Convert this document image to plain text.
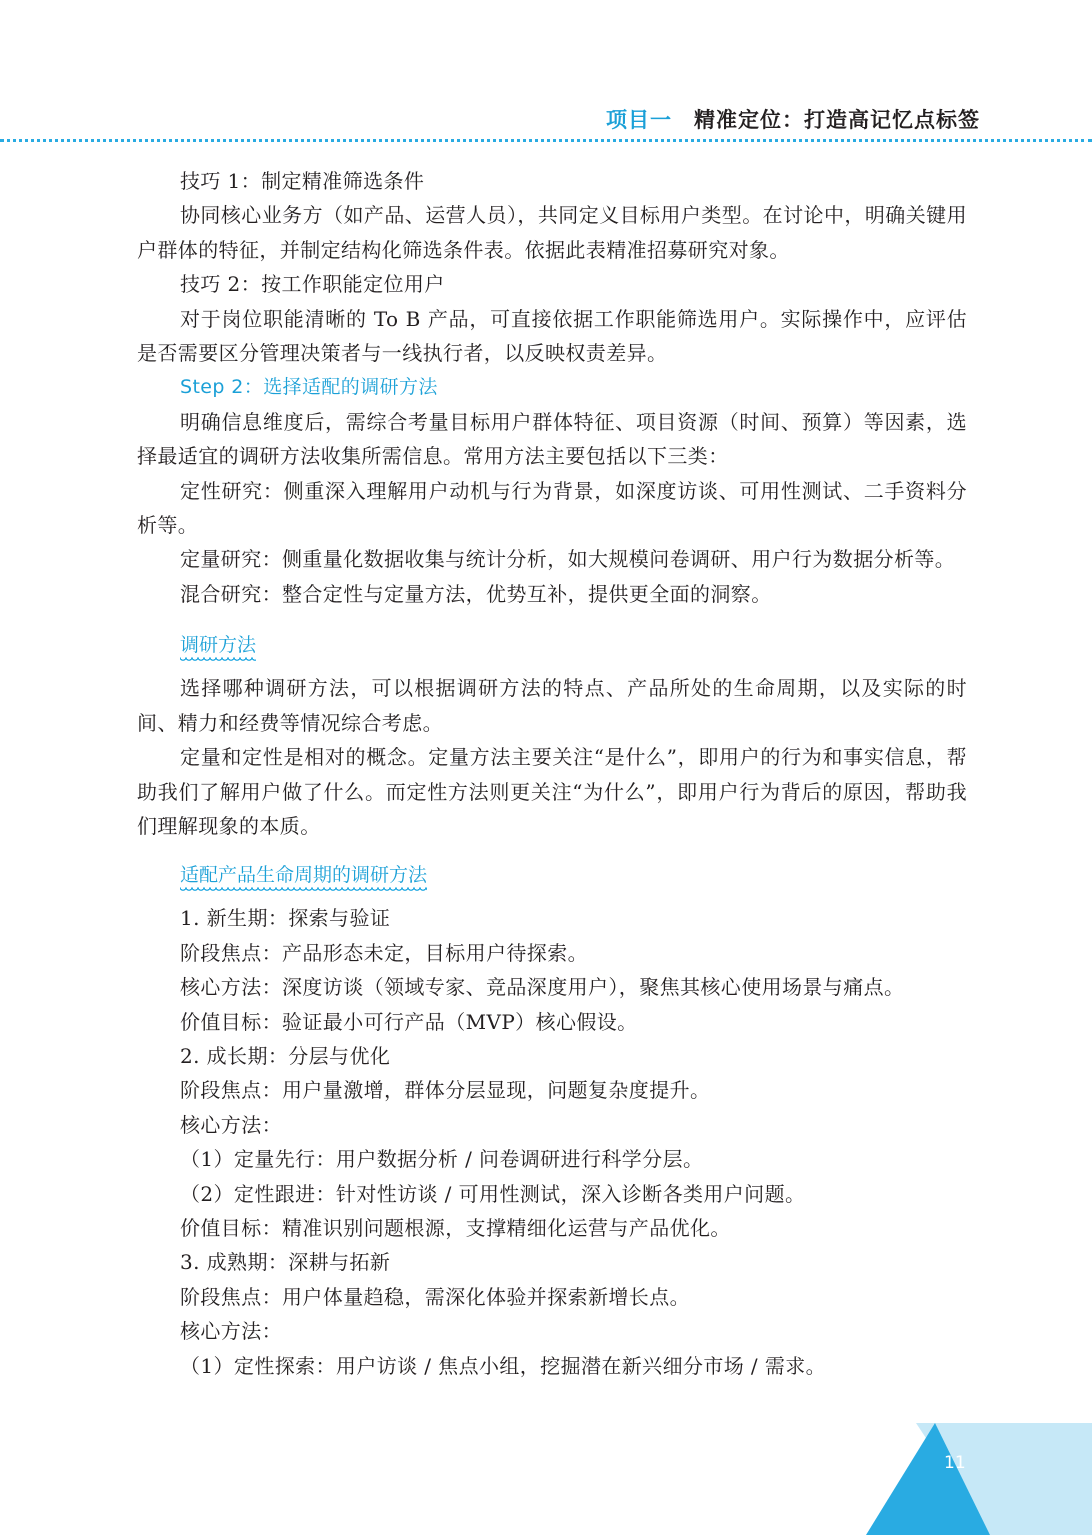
项目一 精准定位：打造高记忆点标签

技巧 1：制定精准筛选条件

协同核心业务方（如产品、运营人员），共同定义目标用户类型。在讨论中，明确关键用户群体的特征，并制定结构化筛选条件表。依据此表精准招募研究对象。

技巧 2：按工作职能定位用户

对于岗位职能清晰的 To B 产品，可直接依据工作职能筛选用户。实际操作中，应评估是否需要区分管理决策者与一线执行者，以反映权责差异。

Step 2：选择适配的调研方法

明确信息维度后，需综合考量目标用户群体特征、项目资源（时间、预算）等因素，选择最适宜的调研方法收集所需信息。常用方法主要包括以下三类：

定性研究：侧重深入理解用户动机与行为背景，如深度访谈、可用性测试、二手资料分析等。

定量研究：侧重量化数据收集与统计分析，如大规模问卷调研、用户行为数据分析等。

混合研究：整合定性与定量方法，优势互补，提供更全面的洞察。

调研方法

选择哪种调研方法，可以根据调研方法的特点、产品所处的生命周期，以及实际的时间、精力和经费等情况综合考虑。

定量和定性是相对的概念。定量方法主要关注“是什么”，即用户的行为和事实信息，帮助我们了解用户做了什么。而定性方法则更关注“为什么”，即用户行为背后的原因，帮助我们理解现象的本质。

适配产品生命周期的调研方法

1. 新生期：探索与验证

阶段焦点：产品形态未定，目标用户待探索。

核心方法：深度访谈（领域专家、竞品深度用户），聚焦其核心使用场景与痛点。

价值目标：验证最小可行产品（MVP）核心假设。

2. 成长期：分层与优化

阶段焦点：用户量激增，群体分层显现，问题复杂度提升。

核心方法：

（1）定量先行：用户数据分析 / 问卷调研进行科学分层。

（2）定性跟进：针对性访谈 / 可用性测试，深入诊断各类用户问题。

价值目标：精准识别问题根源，支撑精细化运营与产品优化。

3. 成熟期：深耕与拓新

阶段焦点：用户体量趋稳，需深化体验并探索新增长点。

核心方法：

（1）定性探索：用户访谈 / 焦点小组，挖掘潜在新兴细分市场 / 需求。

11
